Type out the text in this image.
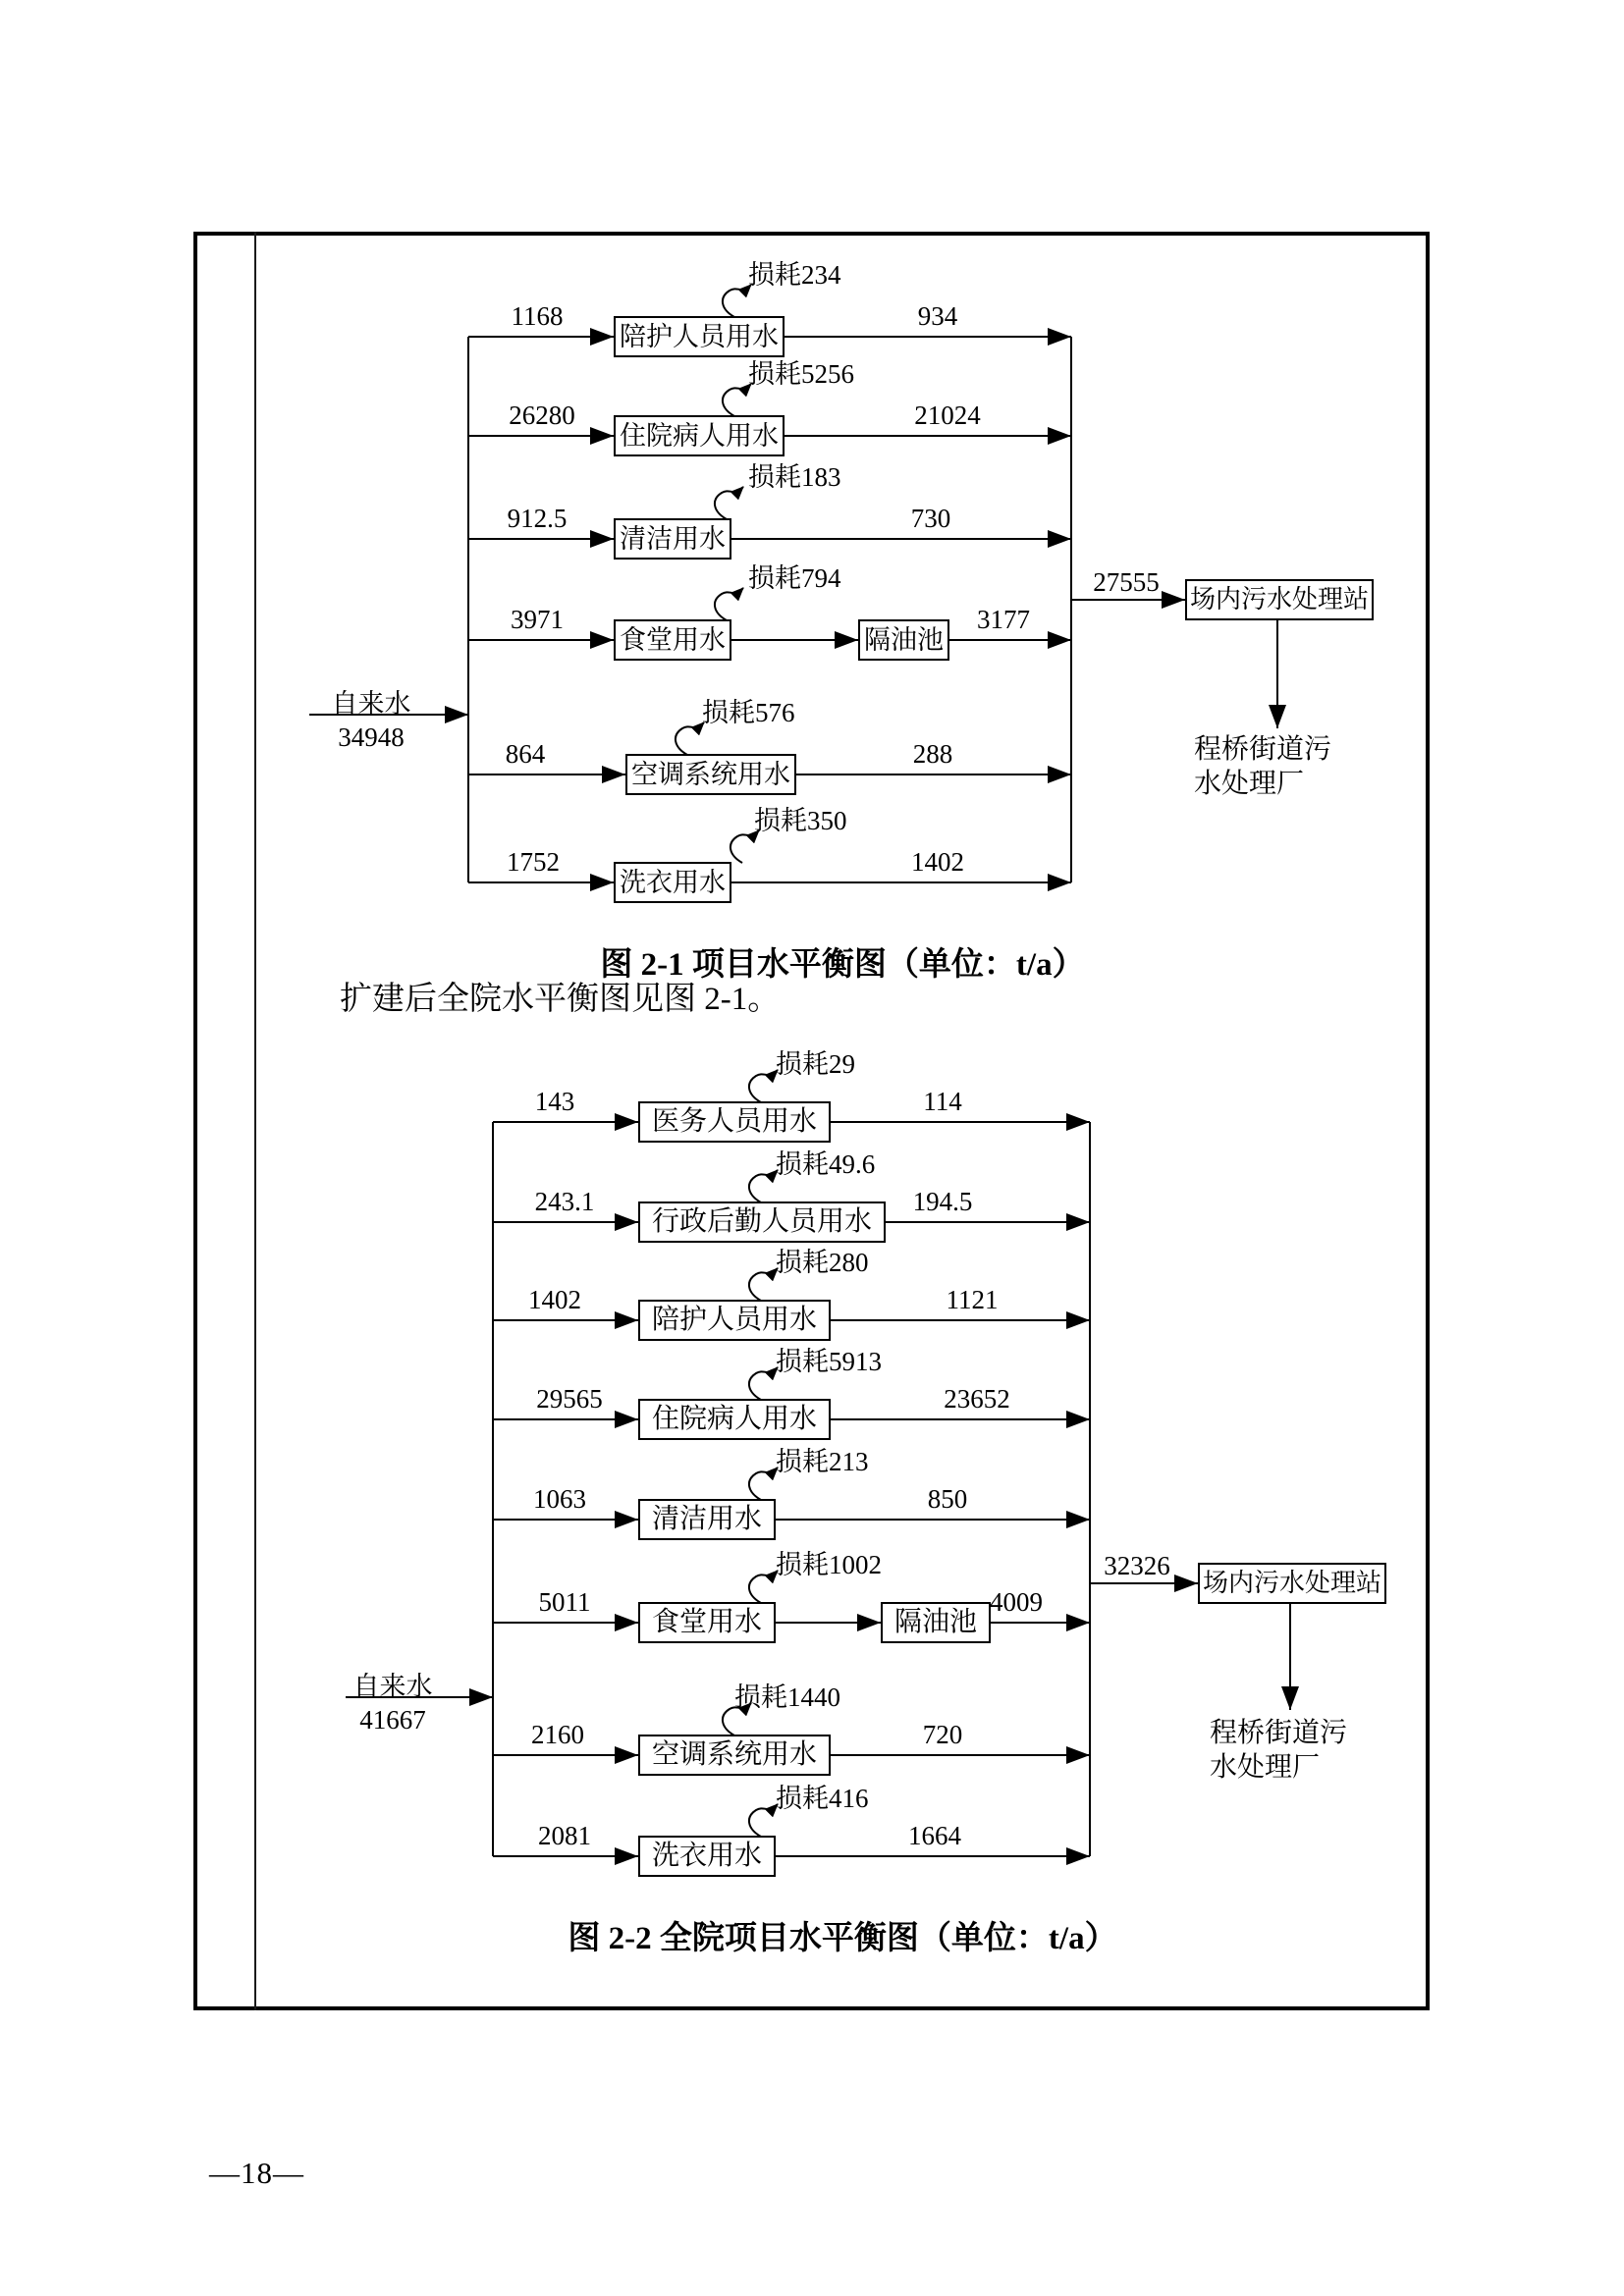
自来水
34948
1168
陪护人员用水
损耗234
934
26280
住院病人用水
损耗5256
21024
912.5
清洁用水
损耗183
730
3971
食堂用水
损耗794
隔油池
3177
864
空调系统用水
损耗576
288
1752
洗衣用水
损耗350
1402
27555
场内污水处理站
程桥街道污
水处理厂
图 2-1 项目水平衡图（单位：t/a）
扩建后全院水平衡图见图 2-1。
自来水
41667
143
医务人员用水
损耗29
114
243.1
行政后勤人员用水
损耗49.6
194.5
1402
陪护人员用水
损耗280
1121
29565
住院病人用水
损耗5913
23652
1063
清洁用水
损耗213
850
5011
食堂用水
损耗1002
隔油池
4009
2160
空调系统用水
损耗1440
720
2081
洗衣用水
损耗416
1664
32326
场内污水处理站
程桥街道污
水处理厂
图 2-2 全院项目水平衡图（单位：t/a）
—18—
